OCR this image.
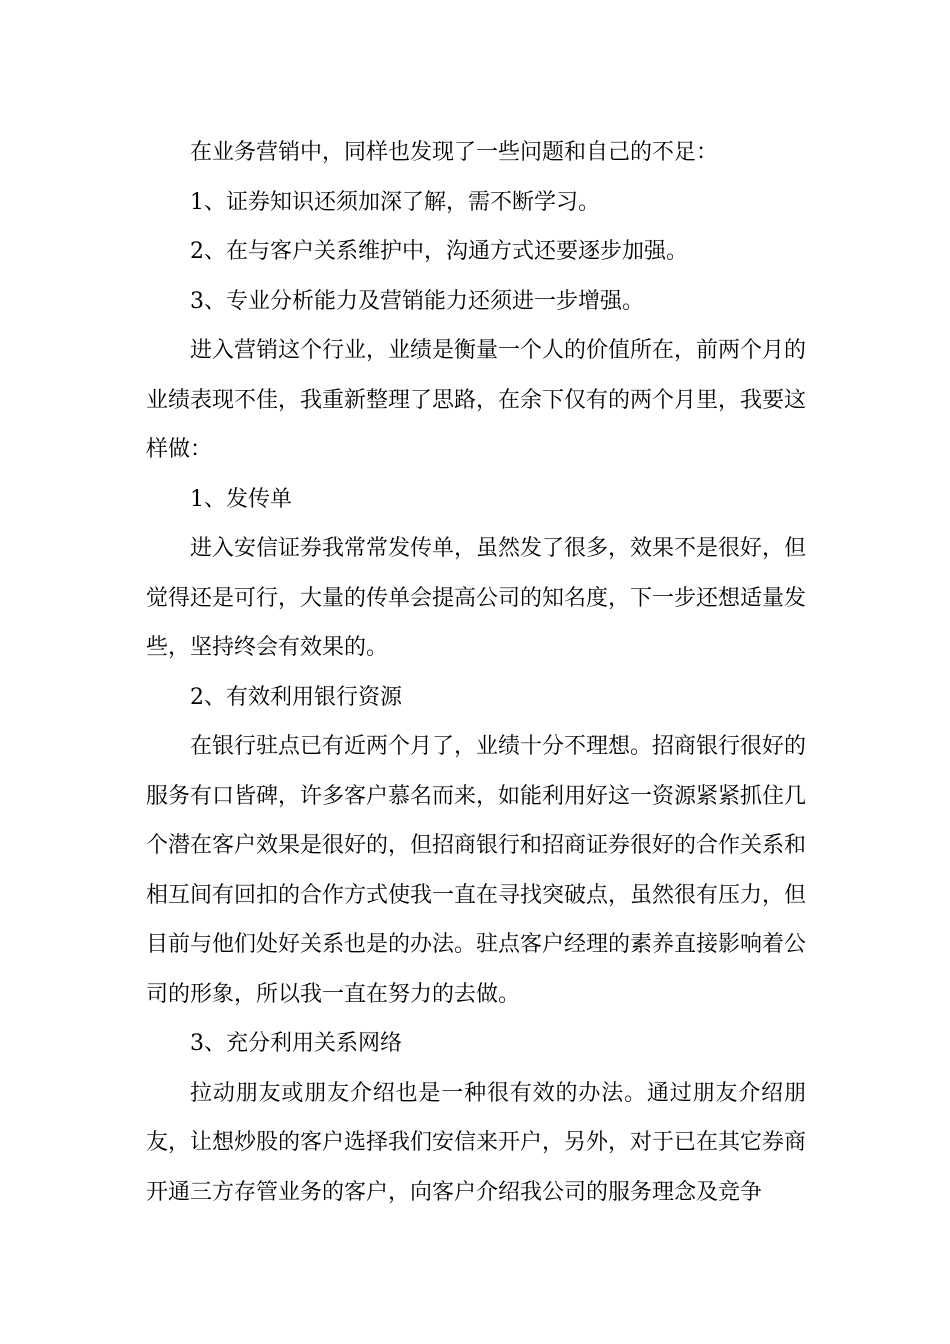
在业务营销中，同样也发现了一些问题和自己的不足：

1、证券知识还须加深了解，需不断学习。

2、在与客户关系维护中，沟通方式还要逐步加强。

3、专业分析能力及营销能力还须进一步增强。

进入营销这个行业，业绩是衡量一个人的价值所在，前两个月的业绩表现不佳，我重新整理了思路，在余下仅有的两个月里，我要这样做：

1、发传单

进入安信证券我常常发传单，虽然发了很多，效果不是很好，但觉得还是可行，大量的传单会提高公司的知名度，下一步还想适量发些，坚持终会有效果的。

2、有效利用银行资源

在银行驻点已有近两个月了，业绩十分不理想。招商银行很好的服务有口皆碑，许多客户慕名而来，如能利用好这一资源紧紧抓住几个潜在客户效果是很好的，但招商银行和招商证券很好的合作关系和相互间有回扣的合作方式使我一直在寻找突破点，虽然很有压力，但目前与他们处好关系也是的办法。驻点客户经理的素养直接影响着公司的形象，所以我一直在努力的去做。

3、充分利用关系网络

拉动朋友或朋友介绍也是一种很有效的办法。通过朋友介绍朋友，让想炒股的客户选择我们安信来开户，另外，对于已在其它券商开通三方存管业务的客户，向客户介绍我公司的服务理念及竞争
